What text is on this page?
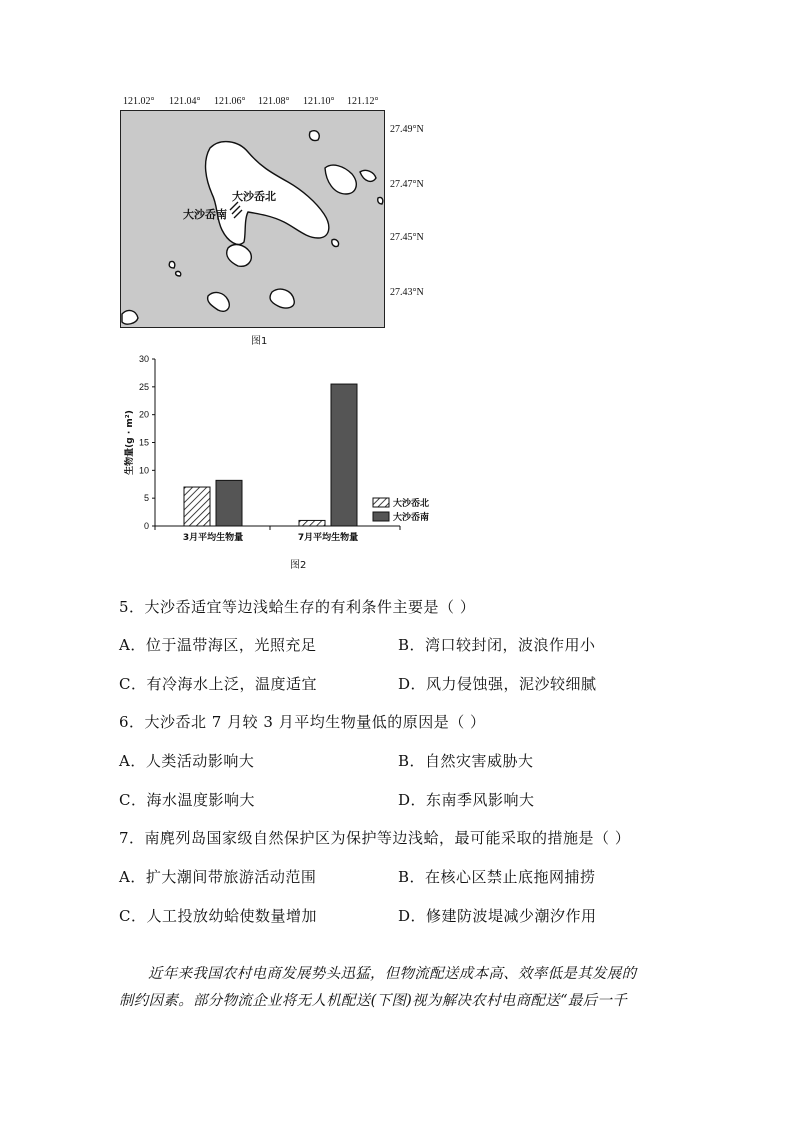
121.02° 121.04° 121.06° 121.08° 121.10° 121.12°
大沙岙北
大沙岙南
27.49°N
27.47°N
27.45°N
27.43°N
图1
0
5
10
15
20
25
30
生物量(g · m²)
3月平均生物量	7月平均生物量
大沙岙北
大沙岙南
图2
5．大沙岙适宜等边浅蛤生存的有利条件主要是（ ）
A．位于温带海区，光照充足	B．湾口较封闭，波浪作用小
C．有冷海水上泛，温度适宜	D．风力侵蚀强，泥沙较细腻
6．大沙岙北 7 月较 3 月平均生物量低的原因是（ ）
A．人类活动影响大	B．自然灾害威胁大
C．海水温度影响大	D．东南季风影响大
7．南麂列岛国家级自然保护区为保护等边浅蛤，最可能采取的措施是（ ）
A．扩大潮间带旅游活动范围	B．在核心区禁止底拖网捕捞
C．人工投放幼蛤使数量增加	D．修建防波堤减少潮汐作用
近年来我国农村电商发展势头迅猛，但物流配送成本高、效率低是其发展的
制约因素。部分物流企业将无人机配送(下图)视为解决农村电商配送“最后一千
